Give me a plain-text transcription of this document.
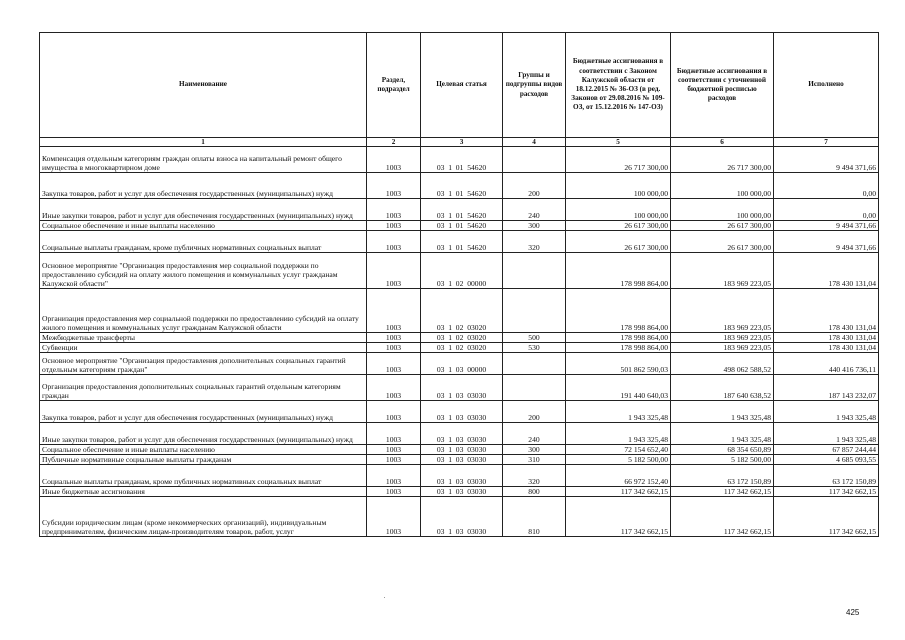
Наименование	Раздел, подраздел	Целевая статья	Группы и подгруппы видов расходов	Бюджетные ассигнования в соответствии с Законом Калужской области от 18.12.2015 № 36-ОЗ (в ред. Законов от 29.08.2016 № 109-ОЗ, от 15.12.2016 № 147-ОЗ)	Бюджетные ассигнования в соответствии с уточненной бюджетной росписью расходов	Исполнено
1	2	3	4	5	6	7
Компенсация отдельным категориям граждан оплаты взноса на капитальный ремонт общего имущества в многоквартирном доме	1003	03  1  01  54620		26 717 300,00	26 717 300,00	9 494 371,66
Закупка товаров, работ и услуг для обеспечения государственных (муниципальных) нужд	1003	03  1  01  54620	200	100 000,00	100 000,00	0,00
Иные закупки товаров, работ и услуг для обеспечения государственных (муниципальных) нужд	1003	03  1  01  54620	240	100 000,00	100 000,00	0,00
Социальное обеспечение и иные выплаты населению	1003	03  1  01  54620	300	26 617 300,00	26 617 300,00	9 494 371,66
Социальные выплаты гражданам, кроме публичных нормативных социальных выплат	1003	03  1  01  54620	320	26 617 300,00	26 617 300,00	9 494 371,66
Основное мероприятие "Организация предоставления мер социальной поддержки по предоставлению субсидий на оплату жилого помещения и коммунальных услуг гражданам Калужской области"	1003	03  1  02  00000		178 998 864,00	183 969 223,05	178 430 131,04
Организация предоставления мер социальной поддержки по предоставлению субсидий на оплату жилого помещения и коммунальных услуг гражданам Калужской области	1003	03  1  02  03020		178 998 864,00	183 969 223,05	178 430 131,04
Межбюджетные трансферты	1003	03  1  02  03020	500	178 998 864,00	183 969 223,05	178 430 131,04
Субвенции	1003	03  1  02  03020	530	178 998 864,00	183 969 223,05	178 430 131,04
Основное мероприятие "Организация предоставления дополнительных социальных гарантий отдельным категориям граждан"	1003	03  1  03  00000		501 862 590,03	498 062 588,52	440 416 736,11
Организация предоставления дополнительных социальных гарантий отдельным категориям граждан	1003	03  1  03  03030		191 440 640,03	187 640 638,52	187 143 232,07
Закупка товаров, работ и услуг для обеспечения государственных (муниципальных) нужд	1003	03  1  03  03030	200	1 943 325,48	1 943 325,48	1 943 325,48
Иные закупки товаров, работ и услуг для обеспечения государственных (муниципальных) нужд	1003	03  1  03  03030	240	1 943 325,48	1 943 325,48	1 943 325,48
Социальное обеспечение и иные выплаты населению	1003	03  1  03  03030	300	72 154 652,40	68 354 650,89	67 857 244,44
Публичные нормативные социальные выплаты гражданам	1003	03  1  03  03030	310	5 182 500,00	5 182 500,00	4 685 093,55
Социальные выплаты гражданам, кроме публичных нормативных социальных выплат	1003	03  1  03  03030	320	66 972 152,40	63 172 150,89	63 172 150,89
Иные бюджетные ассигнования	1003	03  1  03  03030	800	117 342 662,15	117 342 662,15	117 342 662,15
Субсидии юридическим лицам (кроме некоммерческих организаций), индивидуальным предпринимателям, физическим лицам-производителям товаров, работ, услуг	1003	03  1  03  03030	810	117 342 662,15	117 342 662,15	117 342 662,15
425
